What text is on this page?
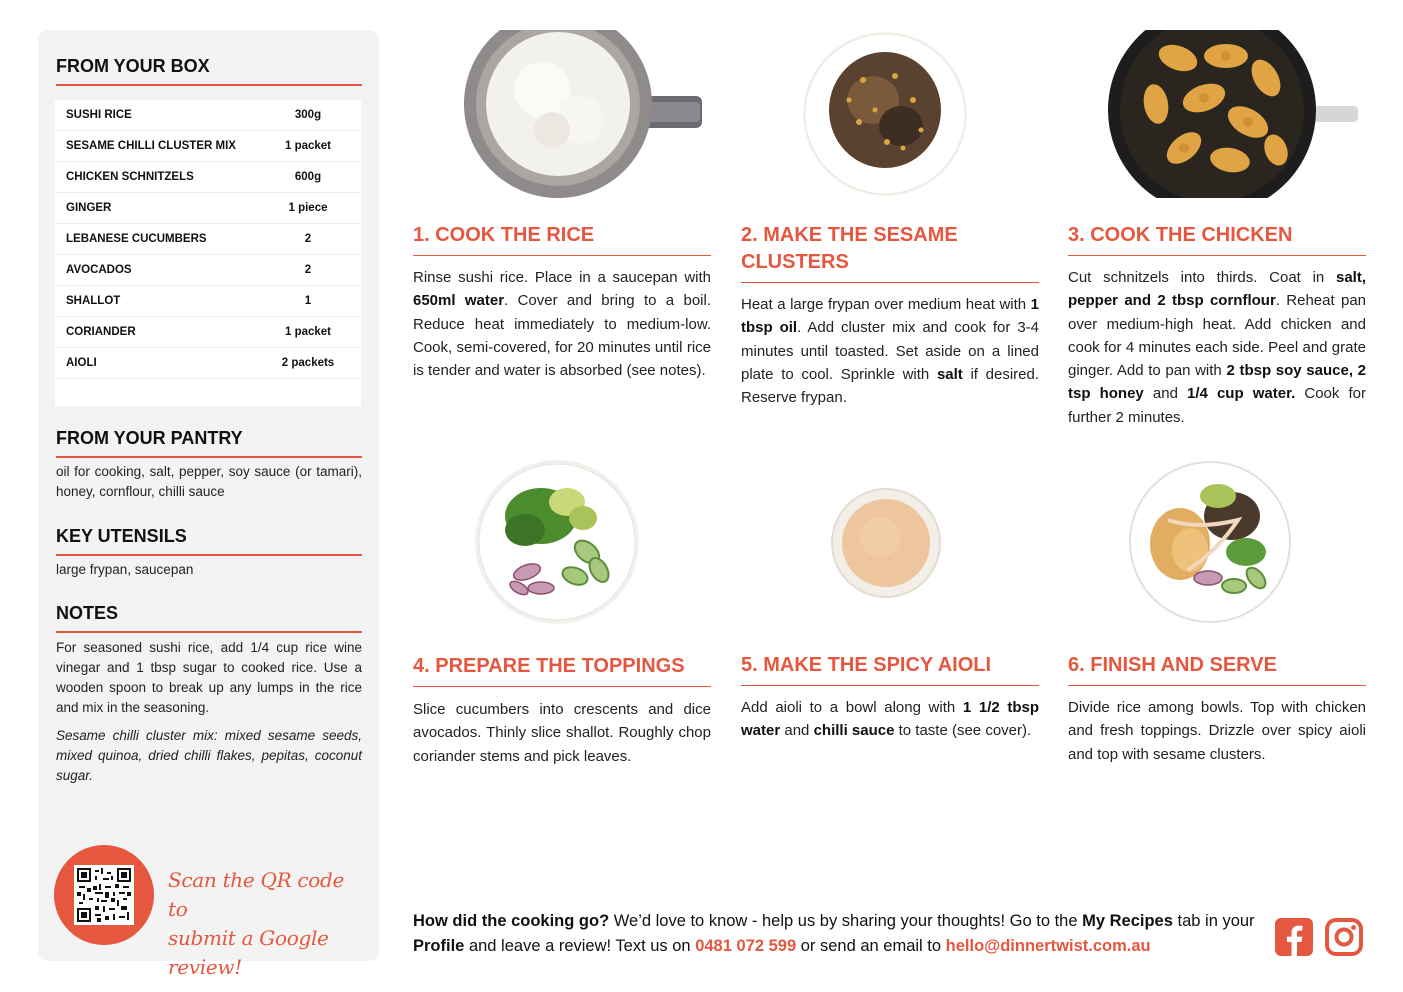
FROM YOUR BOX
SUSHI RICE	300g
SESAME CHILLI CLUSTER MIX	1 packet
CHICKEN SCHNITZELS	600g
GINGER	1 piece
LEBANESE CUCUMBERS	2
AVOCADOS	2
SHALLOT	1
CORIANDER	1 packet
AIOLI	2 packets
FROM YOUR PANTRY
oil for cooking, salt, pepper, soy sauce (or tamari), honey, cornflour, chilli sauce
KEY UTENSILS
large frypan, saucepan
NOTES
For seasoned sushi rice, add 1/4 cup rice wine vinegar and 1 tbsp sugar to cooked rice. Use a wooden spoon to break up any lumps in the rice and mix in the seasoning.
Sesame chilli cluster mix: mixed sesame seeds, mixed quinoa, dried chilli flakes, pepitas, coconut sugar.
Scan the QR code to
submit a Google review!
1. COOK THE RICE
Rinse sushi rice. Place in a saucepan with 650ml water. Cover and bring to a boil. Reduce heat immediately to medium-low. Cook, semi-covered, for 20 minutes until rice is tender and water is absorbed (see notes).
2. MAKE THE SESAME CLUSTERS
Heat a large frypan over medium heat with 1 tbsp oil. Add cluster mix and cook for 3-4 minutes until toasted. Set aside on a lined plate to cool. Sprinkle with salt if desired. Reserve frypan.
3. COOK THE CHICKEN
Cut schnitzels into thirds. Coat in salt, pepper and 2 tbsp cornflour. Reheat pan over medium-high heat. Add chicken and cook for 4 minutes each side. Peel and grate ginger. Add to pan with 2 tbsp soy sauce, 2 tsp honey and 1/4 cup water. Cook for further 2 minutes.
4. PREPARE THE TOPPINGS
Slice cucumbers into crescents and dice avocados. Thinly slice shallot. Roughly chop coriander stems and pick leaves.
5. MAKE THE SPICY AIOLI
Add aioli to a bowl along with 1 1/2 tbsp water and chilli sauce to taste (see cover).
6. FINISH AND SERVE
Divide rice among bowls. Top with chicken and fresh toppings. Drizzle over spicy aioli and top with sesame clusters.
How did the cooking go? We’d love to know - help us by sharing your thoughts! Go to the My Recipes tab in your Profile and leave a review! Text us on 0481 072 599 or send an email to hello@dinnertwist.com.au
